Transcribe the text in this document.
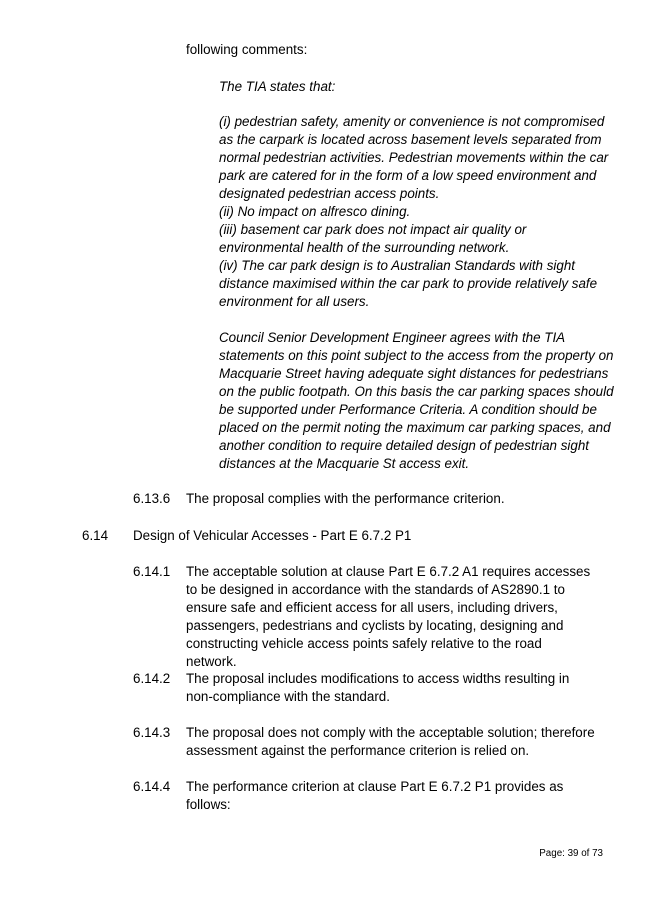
following comments:
The TIA states that:
(i) pedestrian safety, amenity or convenience is not compromised as the carpark is located across basement levels separated from normal pedestrian activities. Pedestrian movements within the car park are catered for in the form of a low speed environment and designated pedestrian access points.
(ii) No impact on alfresco dining.
(iii) basement car park does not impact air quality or environmental health of the surrounding network.
(iv) The car park design is to Australian Standards with sight distance maximised within the car park to provide relatively safe environment for all users.
Council Senior Development Engineer agrees with the TIA statements on this point subject to the access from the property on Macquarie Street having adequate sight distances for pedestrians on the public footpath. On this basis the car parking spaces should be supported under Performance Criteria. A condition should be placed on the permit noting the maximum car parking spaces, and another condition to require detailed design of pedestrian sight distances at the Macquarie St access exit.
6.13.6 The proposal complies with the performance criterion.
6.14 Design of Vehicular Accesses - Part E 6.7.2 P1
6.14.1 The acceptable solution at clause Part E 6.7.2 A1 requires accesses to be designed in accordance with the standards of AS2890.1 to ensure safe and efficient access for all users, including drivers, passengers, pedestrians and cyclists by locating, designing and constructing vehicle access points safely relative to the road network.
6.14.2 The proposal includes modifications to access widths resulting in non-compliance with the standard.
6.14.3 The proposal does not comply with the acceptable solution; therefore assessment against the performance criterion is relied on.
6.14.4 The performance criterion at clause Part E 6.7.2 P1 provides as follows:
Page: 39 of 73
